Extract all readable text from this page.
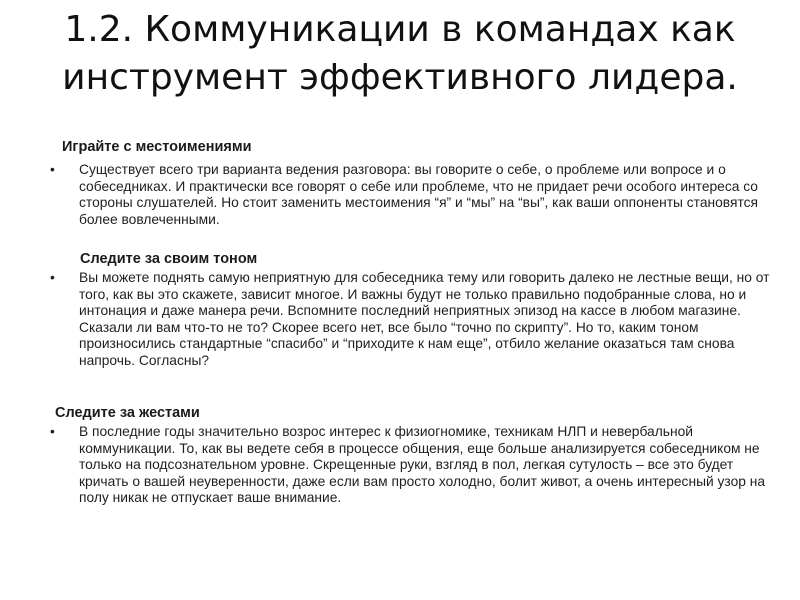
1.2. Коммуникации в командах как инструмент эффективного лидера.
Играйте с местоимениями
• Существует всего три варианта ведения разговора: вы говорите о себе, о проблеме или вопросе и о собеседниках. И практически все говорят о себе или проблеме, что не придает речи особого интереса со стороны слушателей. Но стоит заменить местоимения “я” и “мы” на “вы”, как ваши оппоненты становятся более вовлеченными.
Следите за своим тоном
• Вы можете поднять самую неприятную для собеседника тему или говорить далеко не лестные вещи, но от того, как вы это скажете, зависит многое. И важны будут не только правильно подобранные слова, но и интонация и даже манера речи. Вспомните последний неприятных эпизод на кассе в любом магазине. Сказали ли вам что-то не то? Скорее всего нет, все было “точно по скрипту”. Но то, каким тоном произносились стандартные “спасибо” и “приходите к нам еще”, отбило желание оказаться там снова напрочь. Согласны?
Следите за жестами
• В последние годы значительно возрос интерес к физиогномике, техникам НЛП и невербальной коммуникации. То, как вы ведете себя в процессе общения, еще больше анализируется собеседником не только на подсознательном уровне. Скрещенные руки, взгляд в пол, легкая сутулость – все это будет кричать о вашей неуверенности, даже если вам просто холодно, болит живот, а очень интересный узор на полу никак не отпускает ваше внимание.
